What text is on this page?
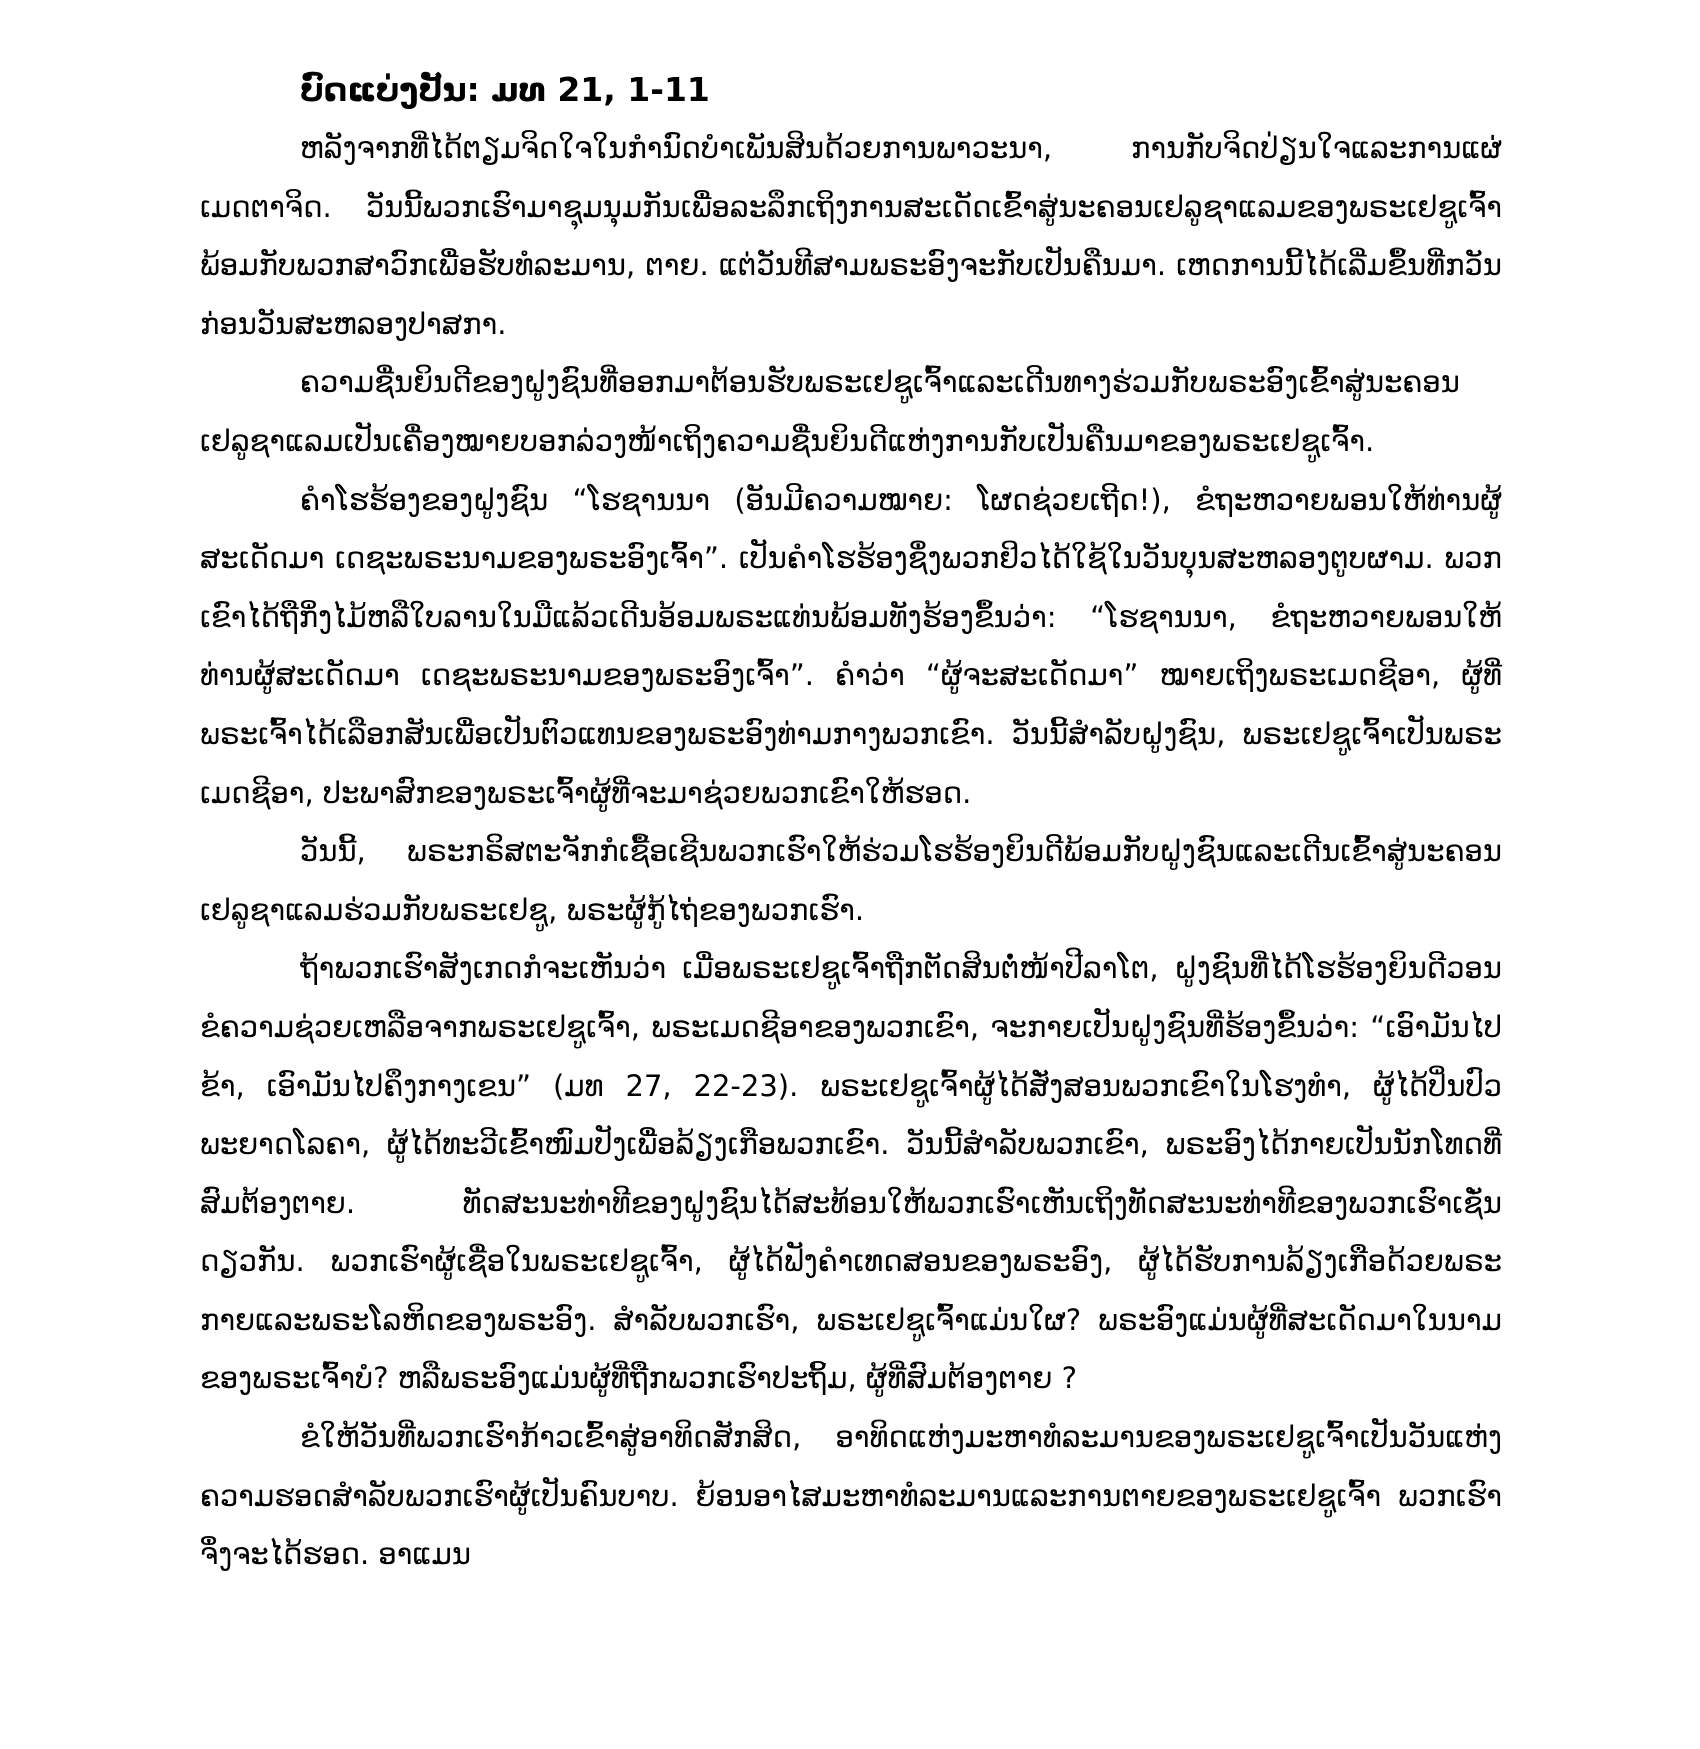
ບົດແບ່ງປັນ: ມທ 21, 1-11

ຫລັງຈາກທີ່ໄດ້ຕຽມຈິດໃຈໃນກໍານົດບໍາເພັນສິນດ້ວຍການພາວະນາ, ການກັບຈິດປ່ຽນໃຈແລະການແຜ່ເມດຕາຈິດ. ວັນນີ້ພວກເຮົາມາຊຸມນຸມກັນເພື່ອລະລຶກເຖິງການສະເດັດເຂົ້າສູ່ນະຄອນເຢລູຊາແລມຂອງພຣະເຢຊູເຈົ້າພ້ອມກັບພວກສາວົກເພື່ອຮັບທໍລະມານ, ຕາຍ. ແຕ່ວັນທີສາມພຣະອົງຈະກັບເປັນຄືນມາ. ເຫດການນີ້ໄດ້ເລີ່ມຂຶ້ນທີ່ກວັນກ່ອນວັນສະຫລອງປາສກາ.

ຄວາມຊື່ນຍິນດີຂອງຝູງຊົນທີ່ອອກມາຕ້ອນຮັບພຣະເຢຊູເຈົ້າແລະເດີນທາງຮ່ວມກັບພຣະອົງເຂົ້າສູ່ນະຄອນເຢລູຊາແລມເປັນເຄື່ອງໝາຍບອກລ່ວງໜ້າເຖິງຄວາມຊື່ນຍິນດີແຫ່ງການກັບເປັນຄືນມາຂອງພຣະເຢຊູເຈົ້າ.

ຄໍາໂຮຮ້ອງຂອງຝູງຊົນ “ໂຮຊານນາ (ອັນມີຄວາມໝາຍ: ໂຜດຊ່ວຍເຖີດ!), ຂໍຖະຫວາຍພອນໃຫ້ທ່ານຜູ້ສະເດັດມາ ເດຊະພຣະນາມຂອງພຣະອົງເຈົ້າ”. ເປັນຄໍາໂຮຮ້ອງຊຶ່ງພວກຢິວໄດ້ໃຊ້ໃນວັນບຸນສະຫລອງຕູບຜາມ. ພວກເຂົາໄດ້ຖືກິ່ງໄມ້ຫລືໃບລານໃນມືແລ້ວເດີນອ້ອມພຣະແທ່ນພ້ອມທັງຮ້ອງຂຶ້ນວ່າ: “ໂຮຊານນາ, ຂໍຖະຫວາຍພອນໃຫ້ທ່ານຜູ້ສະເດັດມາ ເດຊະພຣະນາມຂອງພຣະອົງເຈົ້າ”. ຄໍາວ່າ “ຜູ້ຈະສະເດັດມາ” ໝາຍເຖິງພຣະເມດຊີອາ, ຜູ້ທີ່ພຣະເຈົ້າໄດ້ເລືອກສັນເພື່ອເປັນຕົວແທນຂອງພຣະອົງທ່າມກາງພວກເຂົາ. ວັນນີ້ສໍາລັບຝູງຊົນ, ພຣະເຢຊູເຈົ້າເປັນພຣະເມດຊີອາ, ປະພາສົກຂອງພຣະເຈົ້າຜູ້ທີ່ຈະມາຊ່ວຍພວກເຂົາໃຫ້ຮອດ.

ວັນນີ້, ພຣະກຣິສຕະຈັກກໍເຊື້ອເຊີນພວກເຮົາໃຫ້ຮ່ວມໂຮຮ້ອງຍິນດີພ້ອມກັບຝູງຊົນແລະເດີນເຂົ້າສູ່ນະຄອນເຢລູຊາແລມຮ່ວມກັບພຣະເຢຊູ, ພຣະຜູ້ກູ້ໄຖ່ຂອງພວກເຮົາ.

ຖ້າພວກເຮົາສັງເກດກໍຈະເຫັນວ່າ ເມື່ອພຣະເຢຊູເຈົ້າຖືກຕັດສິນຕໍ່ໜ້າປີລາໂຕ, ຝູງຊົນທີ່ໄດ້ໂຮຮ້ອງຍິນດີວອນຂໍຄວາມຊ່ວຍເຫລືອຈາກພຣະເຢຊູເຈົ້າ, ພຣະເມດຊີອາຂອງພວກເຂົາ, ຈະກາຍເປັນຝູງຊົນທີ່ຮ້ອງຂຶ້ນວ່າ: “ເອົາມັນໄປຂ້າ, ເອົາມັນໄປຄຶງກາງເຂນ” (ມທ 27, 22-23). ພຣະເຢຊູເຈົ້າຜູ້ໄດ້ສັ່ງສອນພວກເຂົາໃນໂຮງທໍາ, ຜູ້ໄດ້ປິ່ນປົວພະຍາດໂລຄາ, ຜູ້ໄດ້ທະວີເຂົ້າໜົມປັງເພື່ອລ້ຽງເກືອພວກເຂົາ. ວັນນີ້ສໍາລັບພວກເຂົາ, ພຣະອົງໄດ້ກາຍເປັນນັກໂທດທີ່ສົມຕ້ອງຕາຍ. ທັດສະນະທ່າທີຂອງຝູງຊົນໄດ້ສະທ້ອນໃຫ້ພວກເຮົາເຫັນເຖິງທັດສະນະທ່າທີຂອງພວກເຮົາເຊັ່ນດຽວກັນ. ພວກເຮົາຜູ້ເຊື່ອໃນພຣະເຢຊູເຈົ້າ, ຜູ້ໄດ້ຟັງຄໍາເທດສອນຂອງພຣະອົງ, ຜູ້ໄດ້ຮັບການລ້ຽງເກືອດ້ວຍພຣະກາຍແລະພຣະໂລຫິດຂອງພຣະອົງ. ສໍາລັບພວກເຮົາ, ພຣະເຢຊູເຈົ້າແມ່ນໃຜ? ພຣະອົງແມ່ນຜູ້ທີ່ສະເດັດມາໃນນາມຂອງພຣະເຈົ້າບໍ? ຫລືພຣະອົງແມ່ນຜູ້ທີ່ຖືກພວກເຮົາປະຖິ້ມ, ຜູ້ທີ່ສົມຕ້ອງຕາຍ ?

ຂໍໃຫ້ວັນທີ່ພວກເຮົາກ້າວເຂົ້າສູ່ອາທິດສັກສິດ, ອາທິດແຫ່ງມະຫາທໍລະມານຂອງພຣະເຢຊູເຈົ້າເປັນວັນແຫ່ງຄວາມຮອດສໍາລັບພວກເຮົາຜູ້ເປັນຄົນບາບ. ຍ້ອນອາໄສມະຫາທໍລະມານແລະການຕາຍຂອງພຣະເຢຊູເຈົ້າ ພວກເຮົາຈຶ່ງຈະໄດ້ຮອດ. ອາແມນ
